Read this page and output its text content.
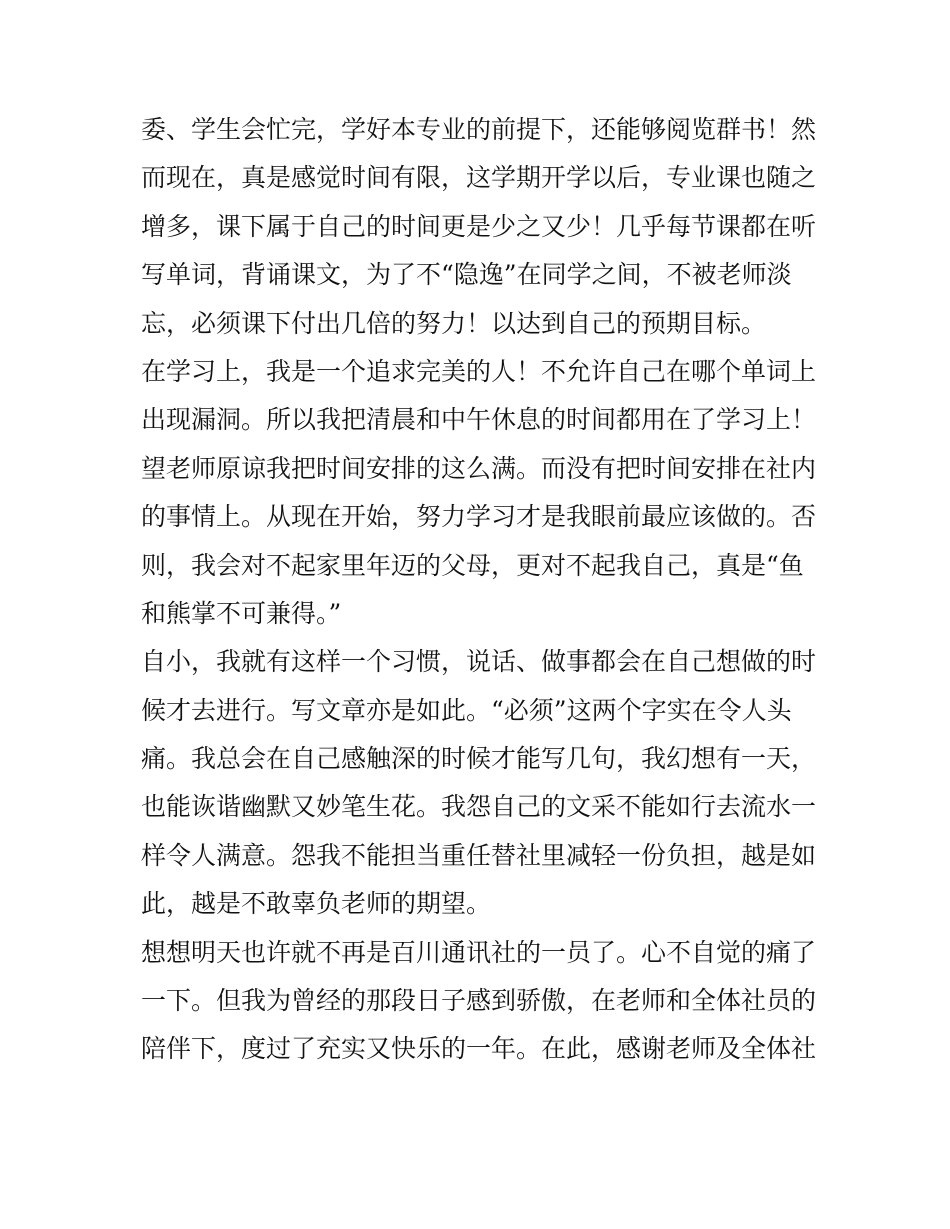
委、学生会忙完，学好本专业的前提下，还能够阅览群书！然
而现在，真是感觉时间有限，这学期开学以后，专业课也随之
增多，课下属于自己的时间更是少之又少！几乎每节课都在听
写单词，背诵课文，为了不“隐逸”在同学之间，不被老师淡
忘，必须课下付出几倍的努力！以达到自己的预期目标。
在学习上，我是一个追求完美的人！不允许自己在哪个单词上
出现漏洞。所以我把清晨和中午休息的时间都用在了学习上！
望老师原谅我把时间安排的这么满。而没有把时间安排在社内
的事情上。从现在开始，努力学习才是我眼前最应该做的。否
则，我会对不起家里年迈的父母，更对不起我自己，真是“鱼
和熊掌不可兼得。”
自小，我就有这样一个习惯，说话、做事都会在自己想做的时
候才去进行。写文章亦是如此。“必须”这两个字实在令人头
痛。我总会在自己感触深的时候才能写几句，我幻想有一天，
也能诙谐幽默又妙笔生花。我怨自己的文采不能如行去流水一
样令人满意。怨我不能担当重任替社里减轻一份负担，越是如
此，越是不敢辜负老师的期望。
想想明天也许就不再是百川通讯社的一员了。心不自觉的痛了
一下。但我为曾经的那段日子感到骄傲，在老师和全体社员的
陪伴下，度过了充实又快乐的一年。在此，感谢老师及全体社
